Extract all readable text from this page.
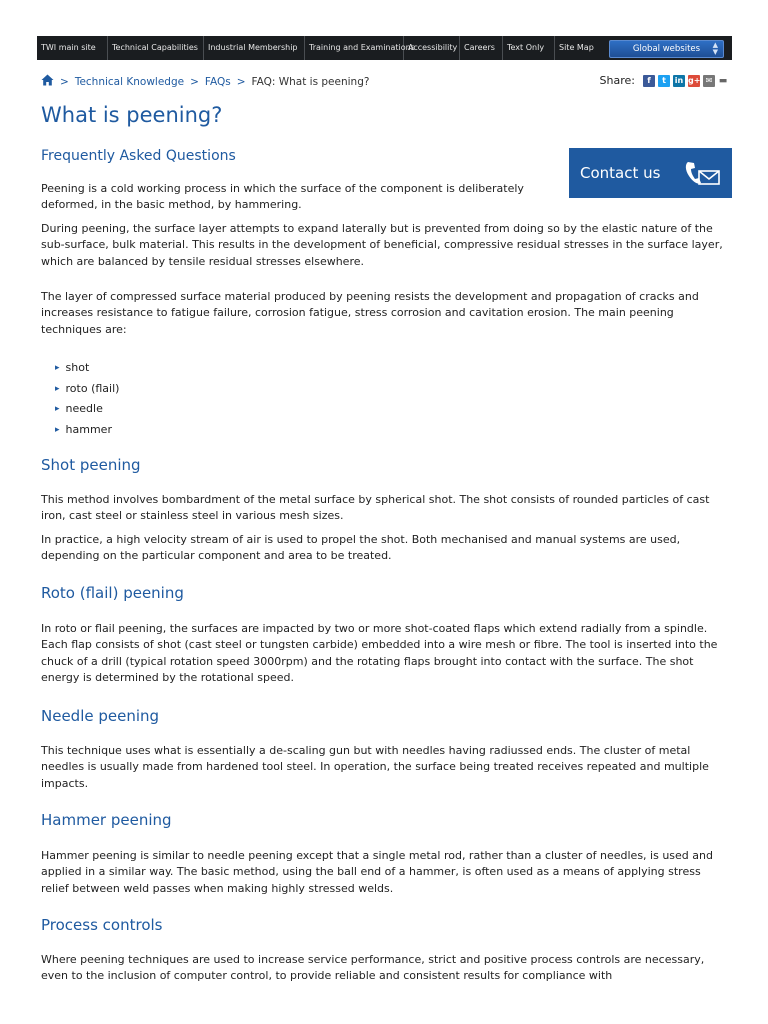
TWI main site	Technical Capabilities	Industrial Membership	Training and Examinations
Accessibility Careers	Text Only	Site Map	Global websites ▲
▼
> Technical Knowledge > FAQs > FAQ: What is peening?	Share:	f	t	in g+ ✉ ▬
What is peening?
Frequently Asked Questions
Contact us

Peening is a cold working process in which the surface of the component is deliberately deformed, in the basic method, by hammering.

During peening, the surface layer attempts to expand laterally but is prevented from doing so by the elastic nature of the sub-surface, bulk material. This results in the development of beneficial, compressive residual stresses in the surface layer, which are balanced by tensile residual stresses elsewhere.

The layer of compressed surface material produced by peening resists the development and propagation of cracks and increases resistance to fatigue failure, corrosion fatigue, stress corrosion and cavitation erosion. The main peening techniques are:

▸ shot
▸ roto (flail)
▸ needle
▸ hammer
Shot peening

This method involves bombardment of the metal surface by spherical shot. The shot consists of rounded particles of cast iron, cast steel or stainless steel in various mesh sizes.

In practice, a high velocity stream of air is used to propel the shot. Both mechanised and manual systems are used, depending on the particular component and area to be treated.

Roto (flail) peening

In roto or flail peening, the surfaces are impacted by two or more shot-coated flaps which extend radially from a spindle. Each flap consists of shot (cast steel or tungsten carbide) embedded into a wire mesh or fibre. The tool is inserted into the chuck of a drill (typical rotation speed 3000rpm) and the rotating flaps brought into contact with the surface. The shot energy is determined by the rotational speed.

Needle peening

This technique uses what is essentially a de-scaling gun but with needles having radiussed ends. The cluster of metal needles is usually made from hardened tool steel. In operation, the surface being treated receives repeated and multiple impacts.

Hammer peening

Hammer peening is similar to needle peening except that a single metal rod, rather than a cluster of needles, is used and applied in a similar way. The basic method, using the ball end of a hammer, is often used as a means of applying stress relief between weld passes when making highly stressed welds.

Process controls

Where peening techniques are used to increase service performance, strict and positive process controls are necessary, even to the inclusion of computer control, to provide reliable and consistent results for compliance with
